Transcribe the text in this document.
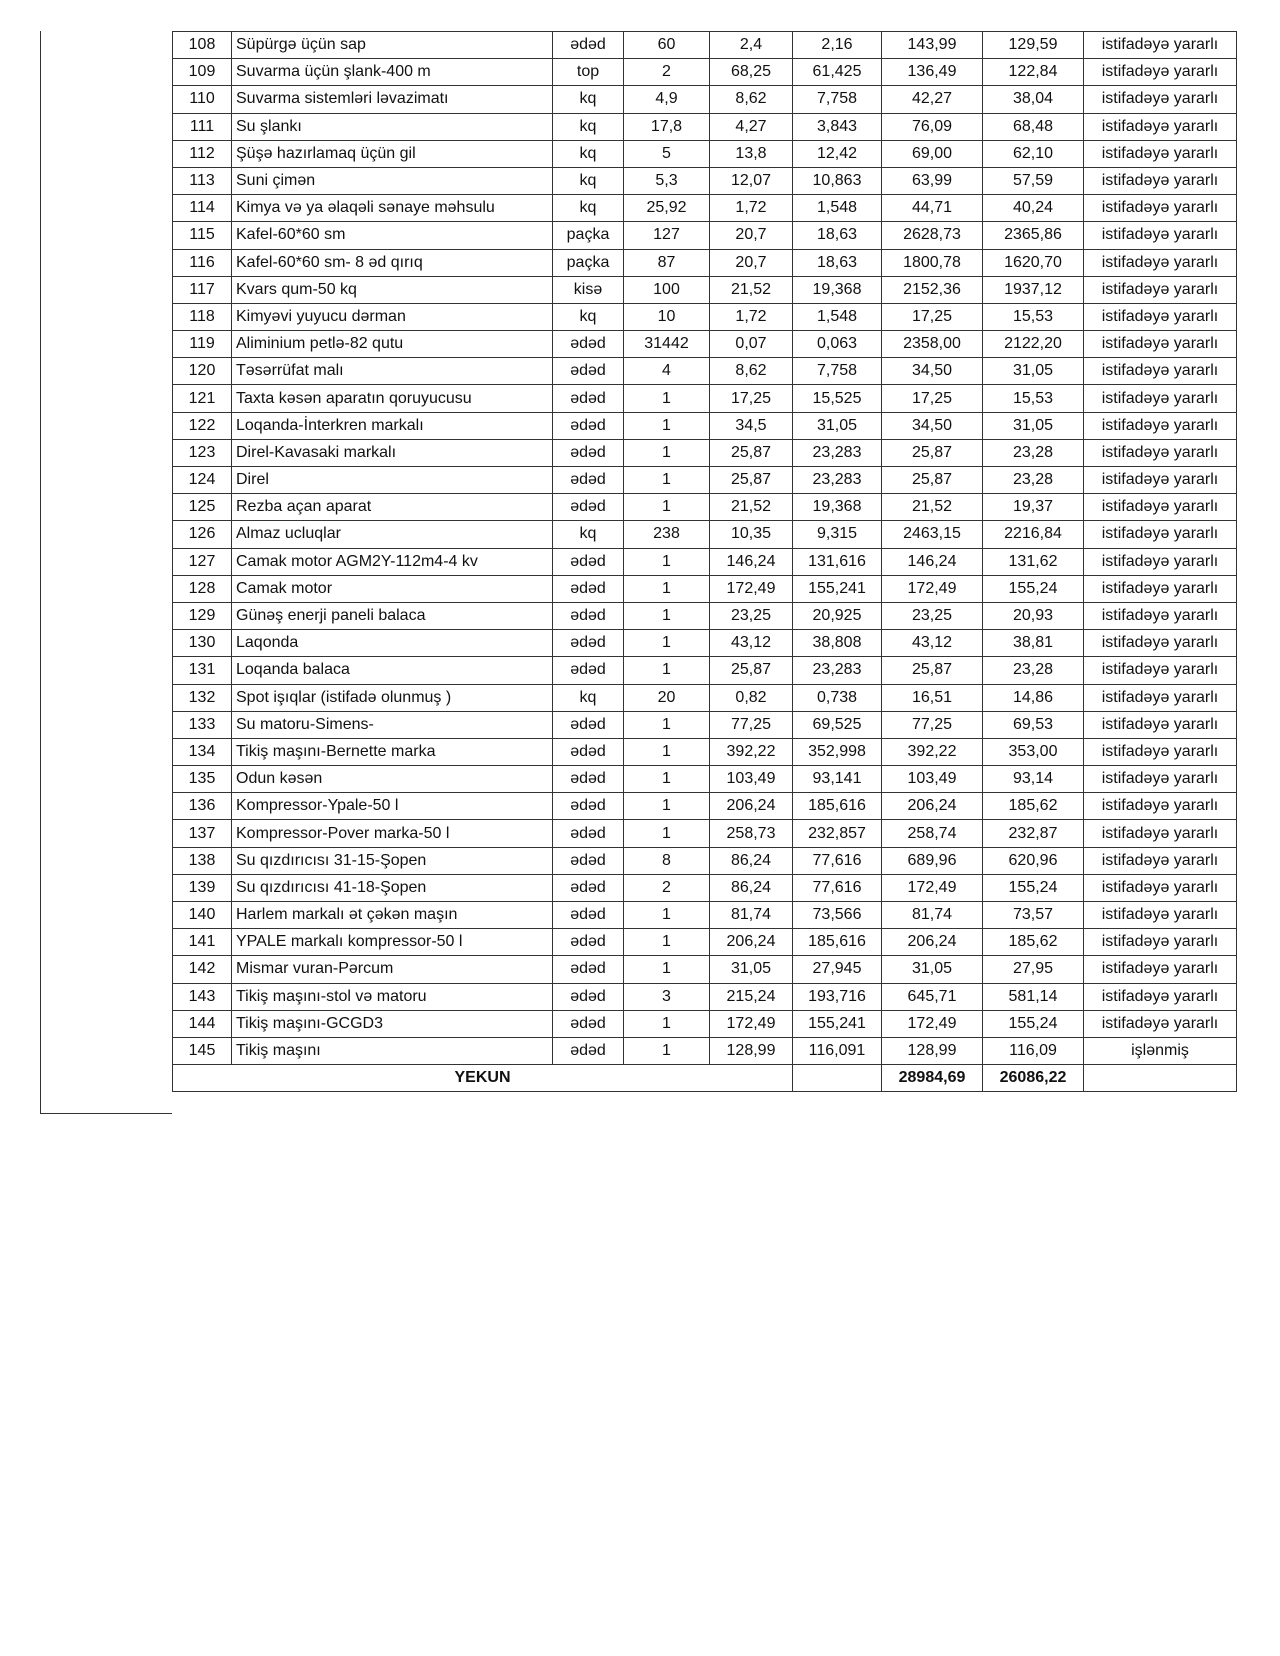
108	Süpürgə üçün sap	ədəd	60	2,4	2,16	143,99	129,59	istifadəyə yararlı
109	Suvarma üçün şlank-400 m	top	2	68,25	61,425	136,49	122,84	istifadəyə yararlı
110	Suvarma sistemləri ləvazimatı	kq	4,9	8,62	7,758	42,27	38,04	istifadəyə yararlı
111	Su şlankı	kq	17,8	4,27	3,843	76,09	68,48	istifadəyə yararlı
112	Şüşə hazırlamaq üçün gil	kq	5	13,8	12,42	69,00	62,10	istifadəyə yararlı
113	Suni çimən	kq	5,3	12,07	10,863	63,99	57,59	istifadəyə yararlı
114	Kimya və ya əlaqəli sənaye məhsulu	kq	25,92	1,72	1,548	44,71	40,24	istifadəyə yararlı
115	Kafel-60*60 sm	paçka	127	20,7	18,63	2628,73	2365,86	istifadəyə yararlı
116	Kafel-60*60 sm- 8 əd qırıq	paçka	87	20,7	18,63	1800,78	1620,70	istifadəyə yararlı
117	Kvars qum-50 kq	kisə	100	21,52	19,368	2152,36	1937,12	istifadəyə yararlı
118	Kimyəvi yuyucu dərman	kq	10	1,72	1,548	17,25	15,53	istifadəyə yararlı
119	Aliminium petlə-82 qutu	ədəd	31442	0,07	0,063	2358,00	2122,20	istifadəyə yararlı
120	Təsərrüfat malı	ədəd	4	8,62	7,758	34,50	31,05	istifadəyə yararlı
121	Taxta kəsən aparatın qoruyucusu	ədəd	1	17,25	15,525	17,25	15,53	istifadəyə yararlı
122	Loqanda-İnterkren markalı	ədəd	1	34,5	31,05	34,50	31,05	istifadəyə yararlı
123	Direl-Kavasaki markalı	ədəd	1	25,87	23,283	25,87	23,28	istifadəyə yararlı
124	Direl	ədəd	1	25,87	23,283	25,87	23,28	istifadəyə yararlı
125	Rezba açan aparat	ədəd	1	21,52	19,368	21,52	19,37	istifadəyə yararlı
126	Almaz ucluqlar	kq	238	10,35	9,315	2463,15	2216,84	istifadəyə yararlı
127	Camak motor AGM2Y-112m4-4 kv	ədəd	1	146,24	131,616	146,24	131,62	istifadəyə yararlı
128	Camak motor	ədəd	1	172,49	155,241	172,49	155,24	istifadəyə yararlı
129	Günəş enerji paneli balaca	ədəd	1	23,25	20,925	23,25	20,93	istifadəyə yararlı
130	Laqonda	ədəd	1	43,12	38,808	43,12	38,81	istifadəyə yararlı
131	Loqanda balaca	ədəd	1	25,87	23,283	25,87	23,28	istifadəyə yararlı
132	Spot işıqlar (istifadə olunmuş )	kq	20	0,82	0,738	16,51	14,86	istifadəyə yararlı
133	Su matoru-Simens-	ədəd	1	77,25	69,525	77,25	69,53	istifadəyə yararlı
134	Tikiş maşını-Bernette marka	ədəd	1	392,22	352,998	392,22	353,00	istifadəyə yararlı
135	Odun kəsən	ədəd	1	103,49	93,141	103,49	93,14	istifadəyə yararlı
136	Kompressor-Ypale-50 l	ədəd	1	206,24	185,616	206,24	185,62	istifadəyə yararlı
137	Kompressor-Pover marka-50 l	ədəd	1	258,73	232,857	258,74	232,87	istifadəyə yararlı
138	Su qızdırıcısı 31-15-Şopen	ədəd	8	86,24	77,616	689,96	620,96	istifadəyə yararlı
139	Su qızdırıcısı 41-18-Şopen	ədəd	2	86,24	77,616	172,49	155,24	istifadəyə yararlı
140	Harlem markalı ət çəkən maşın	ədəd	1	81,74	73,566	81,74	73,57	istifadəyə yararlı
141	YPALE markalı kompressor-50 l	ədəd	1	206,24	185,616	206,24	185,62	istifadəyə yararlı
142	Mismar vuran-Pərcum	ədəd	1	31,05	27,945	31,05	27,95	istifadəyə yararlı
143	Tikiş maşını-stol və matoru	ədəd	3	215,24	193,716	645,71	581,14	istifadəyə yararlı
144	Tikiş maşını-GCGD3	ədəd	1	172,49	155,241	172,49	155,24	istifadəyə yararlı
145	Tikiş maşını	ədəd	1	128,99	116,091	128,99	116,09	işlənmiş
YEKUN						28984,69	26086,22	
